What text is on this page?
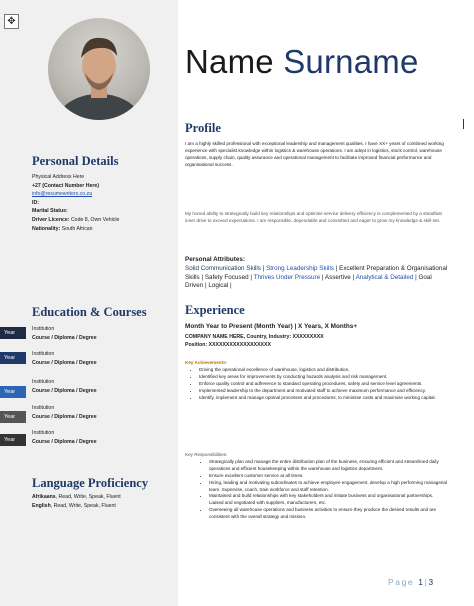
✥
Personal Details
Physical Address Here
+27 (Contact Number Here)
info@resumewriters.co.za
ID:
Marital Status:
Driver Licence: Code 8, Own Vehicle
Nationality: South African
Education & Courses
Year
Institution
Course / Diploma / Degree
Year
Institution
Course / Diploma / Degree
Year
Institution
Course / Diploma / Degree
Year
Institution
Course / Diploma / Degree
Year
Institution
Course / Diploma / Degree
Language Proficiency
Afrikaans, Read, Write, Speak, Fluent
English, Read, Write, Speak, Fluent
Name Surname
Profile
I am a highly skilled professional with exceptional leadership and management qualities. I have XX+ years of combined working experience with specialist knowledge within logistics & warehouse operations. I am adept in logistics, stock control, warehouse operations, supply chain, quality assurance and operational management to facilitate improved financial performance and organisational success.
My honed ability to strategically build key relationships and optimise service delivery efficiency is complemented by a steadfast inner drive to exceed expectations. I am responsible, dependable and committed and eager to grow my knowledge & skill-set.
Personal Attributes:
Solid Communication Skills | Strong Leadership Skills | Excellent Preparation & Organisational Skills | Safety Focused | Thrives Under Pressure | Assertive | Analytical & Detailed | Goal Driven | Logical |
Experience
Month Year to Present (Month Year) | X Years, X Months+
COMPANY NAME HERE, Country, Industry: XXXXXXXXX
Position: XXXXXXXXXXXXXXXXXX
Key Achievements:
• Driving the operational excellence of warehouse, logistics and distribution.
• Identified key areas for improvements by conducting hazards analysis and risk management.
• Enforce quality control and adherence to standard operating procedures, safety and service level agreements.
• Implemented leadership to the department and motivated staff to achieve maximum performance and efficiency.
• Identify, implement and manage optimal processes and procedures, to minimise costs and maximise working capital.
Key Responsibilities:
• Strategically plan and manage the entire distribution plan of the business, ensuring efficient and streamlined daily operations and efficient housekeeping within the warehouse and logistics department.
• Ensure excellent customer service at all times.
• Hiring, leading and motivating subordinates to achieve employee engagement, develop a high performing managerial team. Supervise, coach, train workforce and staff retention.
• Maintained and build relationships with key stakeholders and initiate business and organisational partnerships. Liaised and negotiated with suppliers, manufacturers, etc.
• Overseeing all warehouse operations and business activities to ensure they produce the desired results and are consistent with the overall strategy and mission.
Page 1|3
